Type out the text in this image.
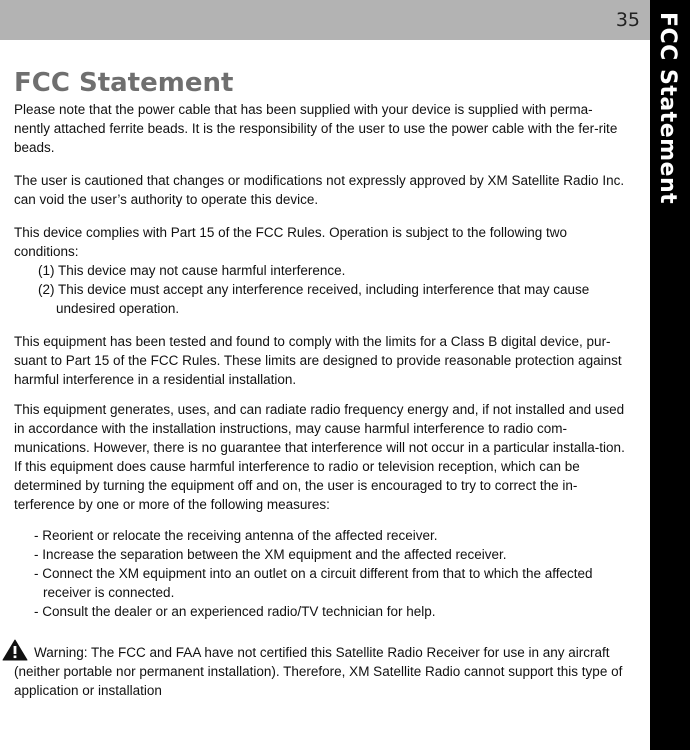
35 FCC Statement
FCC Statement

Please note that the power cable that has been supplied with your device is supplied with perma-nently attached ferrite beads. It is the responsibility of the user to use the power cable with the fer-rite beads.

The user is cautioned that changes or modifications not expressly approved by XM Satellite Radio Inc. can void the user’s authority to operate this device.

This device complies with Part 15 of the FCC Rules. Operation is subject to the following two conditions:

(1) This device may not cause harmful interference.
(2) This device must accept any interference received, including interference that may cause undesired operation.

This equipment has been tested and found to comply with the limits for a Class B digital device, pur-suant to Part 15 of the FCC Rules. These limits are designed to provide reasonable protection against harmful interference in a residential installation.

This equipment generates, uses, and can radiate radio frequency energy and, if not installed and used in accordance with the installation instructions, may cause harmful interference to radio com-munications. However, there is no guarantee that interference will not occur in a particular installa-tion. If this equipment does cause harmful interference to radio or television reception, which can be determined by turning the equipment off and on, the user is encouraged to try to correct the in-terference by one or more of the following measures:

- Reorient or relocate the receiving antenna of the affected receiver.
- Increase the separation between the XM equipment and the affected receiver.
- Connect the XM equipment into an outlet on a circuit different from that to which the affected receiver is connected.
- Consult the dealer or an experienced radio/TV technician for help.
Warning: The FCC and FAA have not certified this Satellite Radio Receiver for use in any aircraft (neither portable nor permanent installation). Therefore, XM Satellite Radio cannot support this type of application or installation
